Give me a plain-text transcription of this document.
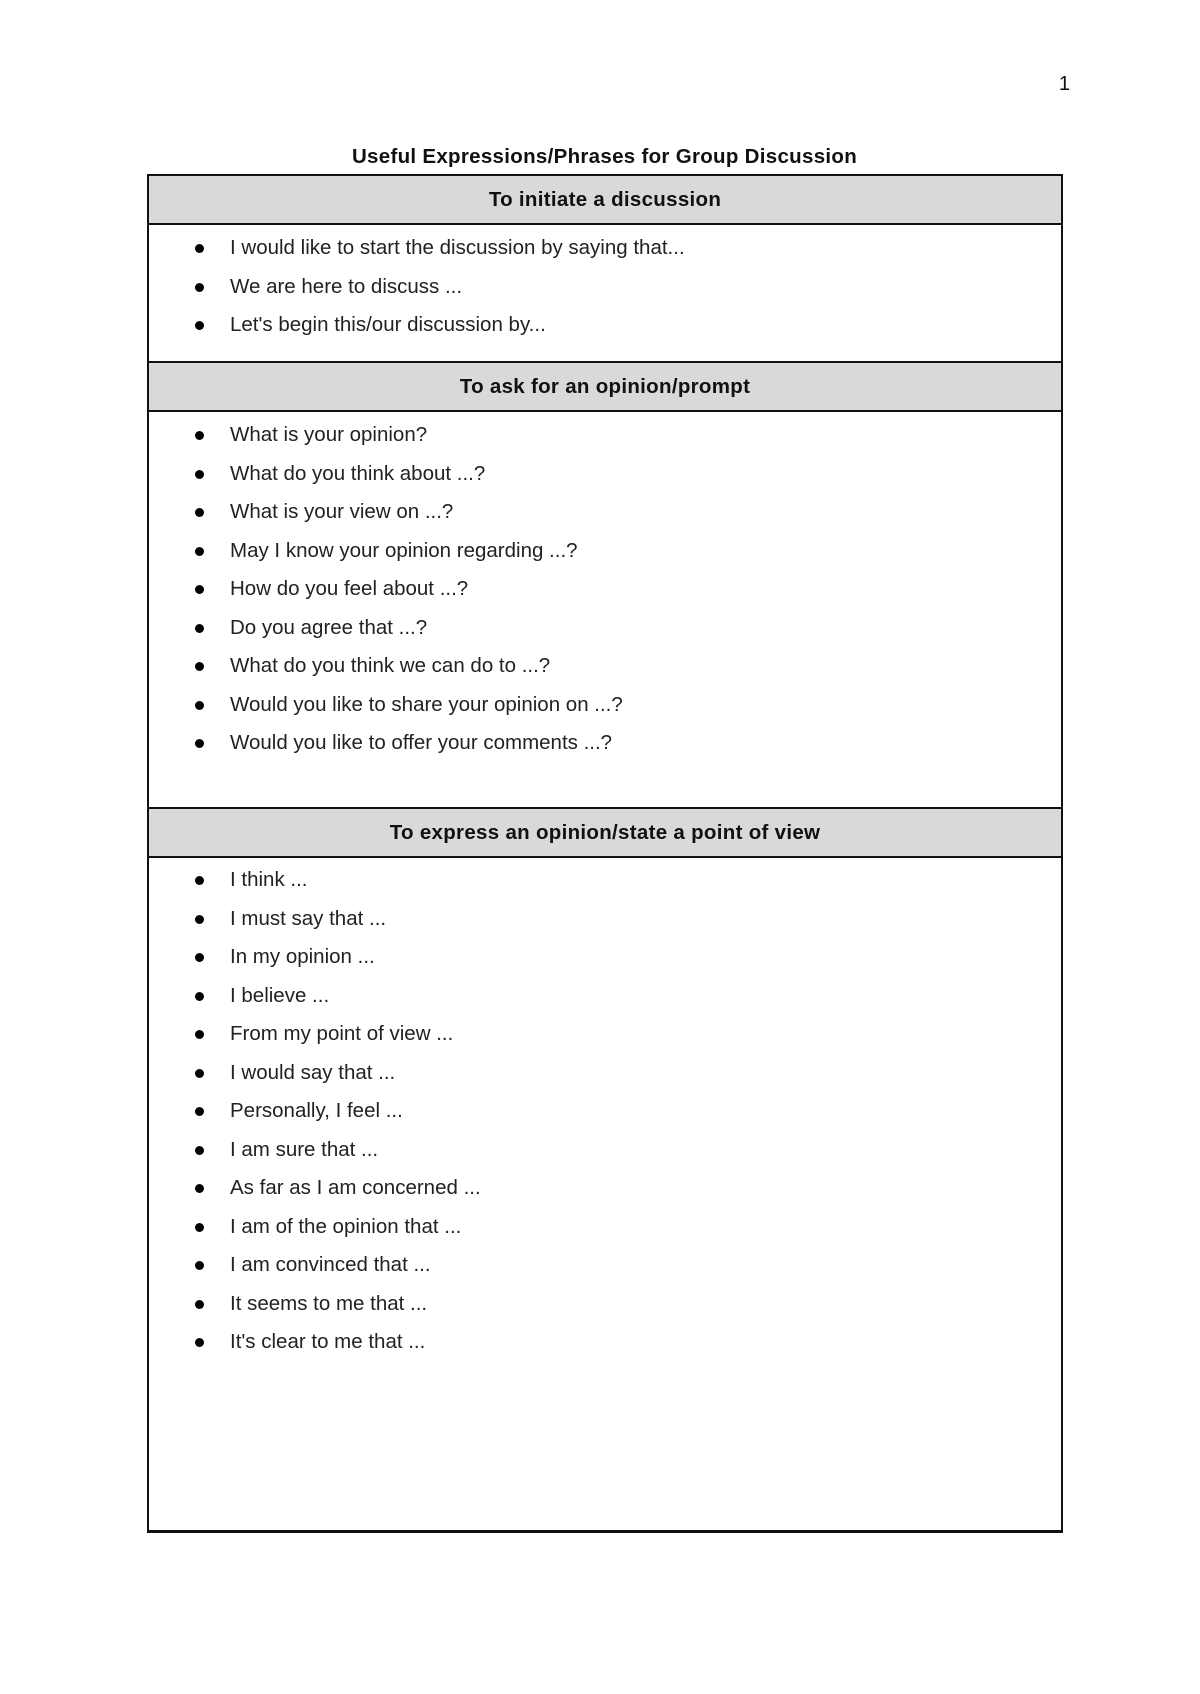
1
Useful Expressions/Phrases for Group Discussion
To initiate a discussion
I would like to start the discussion by saying that...
We are here to discuss ...
Let's begin this/our discussion by...
To ask for an opinion/prompt
What is your opinion?
What do you think about ...?
What is your view on ...?
May I know your opinion regarding ...?
How do you feel about ...?
Do you agree that ...?
What do you think we can do to ...?
Would you like to share your opinion on ...?
Would you like to offer your comments ...?
To express an opinion/state a point of view
I think ...
I must say that ...
In my opinion ...
I believe ...
From my point of view ...
I would say that ...
Personally, I feel ...
I am sure that ...
As far as I am concerned ...
I am of the opinion that ...
I am convinced that ...
It seems to me that ...
It's clear to me that ...
